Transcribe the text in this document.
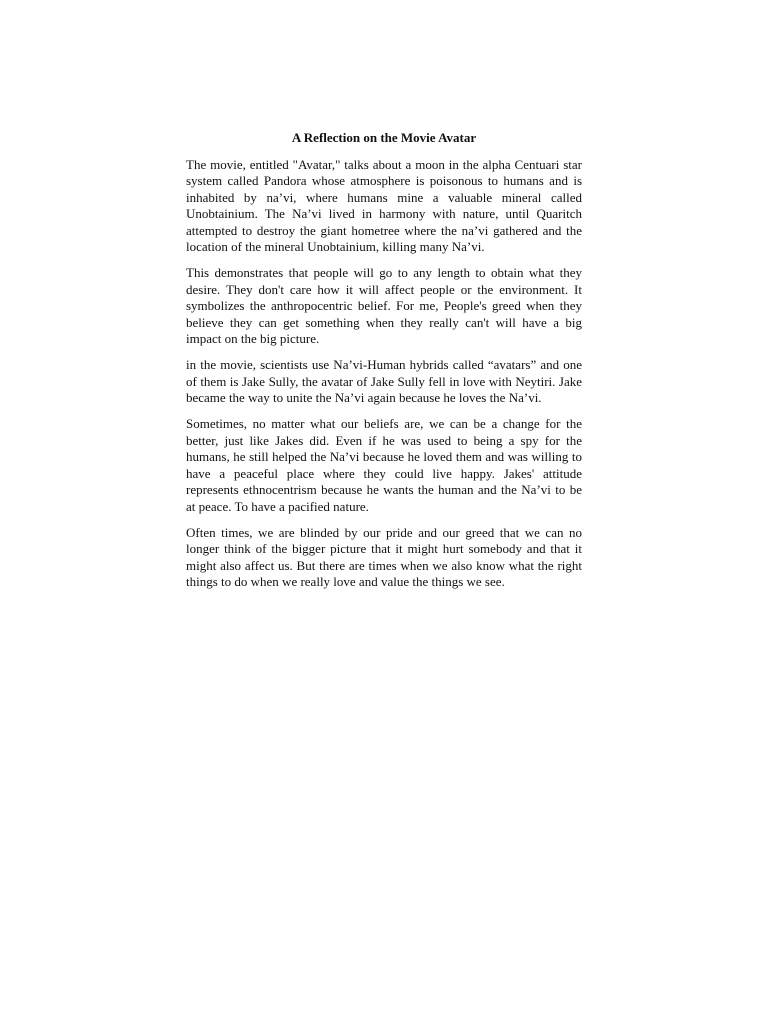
A Reflection on the Movie Avatar

The movie, entitled "Avatar," talks about a moon in the alpha Centuari star system called Pandora whose atmosphere is poisonous to humans and is inhabited by na’vi, where humans mine a valuable mineral called Unobtainium. The Na’vi lived in harmony with nature, until Quaritch attempted to destroy the giant hometree where the na’vi gathered and the location of the mineral Unobtainium, killing many Na’vi.

This demonstrates that people will go to any length to obtain what they desire. They don't care how it will affect people or the environment. It symbolizes the anthropocentric belief. For me, People's greed when they believe they can get something when they really can't will have a big impact on the big picture.

in the movie, scientists use Na’vi-Human hybrids called “avatars” and one of them is Jake Sully, the avatar of Jake Sully fell in love with Neytiri. Jake became the way to unite the Na’vi again because he loves the Na’vi.

Sometimes, no matter what our beliefs are, we can be a change for the better, just like Jakes did. Even if he was used to being a spy for the humans, he still helped the Na’vi because he loved them and was willing to have a peaceful place where they could live happy. Jakes' attitude represents ethnocentrism because he wants the human and the Na’vi to be at peace. To have a pacified nature.

Often times, we are blinded by our pride and our greed that we can no longer think of the bigger picture that it might hurt somebody and that it might also affect us. But there are times when we also know what the right things to do when we really love and value the things we see.
